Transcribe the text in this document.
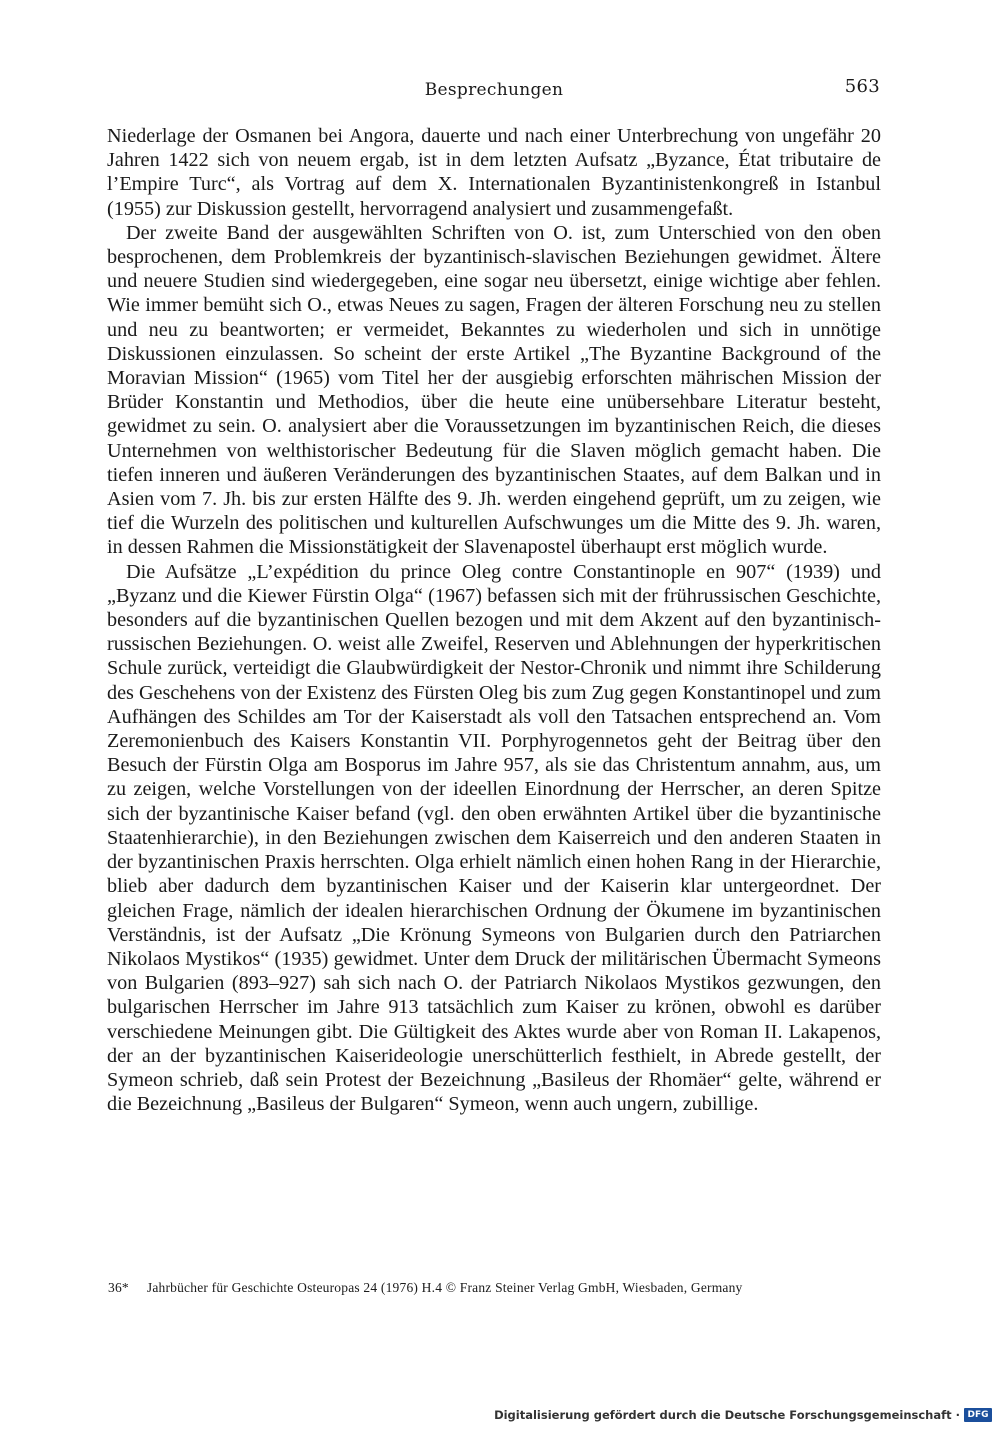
Besprechungen	563

Niederlage der Osmanen bei Angora, dauerte und nach einer Unterbrechung von ungefähr 20 Jahren 1422 sich von neuem ergab, ist in dem letzten Aufsatz „Byzance, État tributaire de l’Empire Turc“, als Vortrag auf dem X. Internationalen Byzantinistenkongreß in Istanbul (1955) zur Diskussion gestellt, hervorragend analysiert und zusammengefaßt.

Der zweite Band der ausgewählten Schriften von O. ist, zum Unterschied von den oben besprochenen, dem Problemkreis der byzantinisch-slavischen Beziehungen gewidmet. Ältere und neuere Studien sind wiedergegeben, eine sogar neu übersetzt, einige wichtige aber fehlen. Wie immer bemüht sich O., etwas Neues zu sagen, Fragen der älteren Forschung neu zu stellen und neu zu beantworten; er vermeidet, Bekanntes zu wiederholen und sich in unnötige Diskussionen einzulassen. So scheint der erste Artikel „The Byzantine Background of the Moravian Mission“ (1965) vom Titel her der ausgiebig erforschten mährischen Mission der Brüder Konstantin und Methodios, über die heute eine unübersehbare Literatur besteht, gewidmet zu sein. O. analysiert aber die Voraussetzungen im byzantinischen Reich, die dieses Unternehmen von welthistorischer Bedeutung für die Slaven möglich gemacht haben. Die tiefen inneren und äußeren Veränderungen des byzantinischen Staates, auf dem Balkan und in Asien vom 7. Jh. bis zur ersten Hälfte des 9. Jh. werden eingehend geprüft, um zu zeigen, wie tief die Wurzeln des politischen und kulturellen Aufschwunges um die Mitte des 9. Jh. waren, in dessen Rahmen die Missionstätigkeit der Slavenapostel überhaupt erst möglich wurde.

Die Aufsätze „L’expédition du prince Oleg contre Constantinople en 907“ (1939) und „Byzanz und die Kiewer Fürstin Olga“ (1967) befassen sich mit der frührussischen Geschichte, besonders auf die byzantinischen Quellen bezogen und mit dem Akzent auf den byzantinisch-russischen Beziehungen. O. weist alle Zweifel, Reserven und Ablehnungen der hyperkritischen Schule zurück, verteidigt die Glaubwürdigkeit der Nestor-Chronik und nimmt ihre Schilderung des Geschehens von der Existenz des Fürsten Oleg bis zum Zug gegen Konstantinopel und zum Aufhängen des Schildes am Tor der Kaiserstadt als voll den Tatsachen entsprechend an. Vom Zeremonienbuch des Kaisers Konstantin VII. Porphyrogennetos geht der Beitrag über den Besuch der Fürstin Olga am Bosporus im Jahre 957, als sie das Christentum annahm, aus, um zu zeigen, welche Vorstellungen von der ideellen Einordnung der Herrscher, an deren Spitze sich der byzantinische Kaiser befand (vgl. den oben erwähnten Artikel über die byzantinische Staatenhierarchie), in den Beziehungen zwischen dem Kaiserreich und den anderen Staaten in der byzantinischen Praxis herrschten. Olga erhielt nämlich einen hohen Rang in der Hierarchie, blieb aber dadurch dem byzantinischen Kaiser und der Kaiserin klar untergeordnet. Der gleichen Frage, nämlich der idealen hierarchischen Ordnung der Ökumene im byzantinischen Verständnis, ist der Aufsatz „Die Krönung Symeons von Bulgarien durch den Patriarchen Nikolaos Mystikos“ (1935) gewidmet. Unter dem Druck der militärischen Übermacht Symeons von Bulgarien (893–927) sah sich nach O. der Patriarch Nikolaos Mystikos gezwungen, den bulgarischen Herrscher im Jahre 913 tatsächlich zum Kaiser zu krönen, obwohl es darüber verschiedene Meinungen gibt. Die Gültigkeit des Aktes wurde aber von Roman II. Lakapenos, der an der byzantinischen Kaiserideologie unerschütterlich festhielt, in Abrede gestellt, der Symeon schrieb, daß sein Protest der Bezeichnung „Basileus der Rhomäer“ gelte, während er die Bezeichnung „Basileus der Bulgaren“ Symeon, wenn auch ungern, zubillige.

36* Jahrbücher für Geschichte Osteuropas 24 (1976) H.4 © Franz Steiner Verlag GmbH, Wiesbaden, Germany
Digitalisierung gefördert durch die Deutsche Forschungsgemeinschaft · DFG
